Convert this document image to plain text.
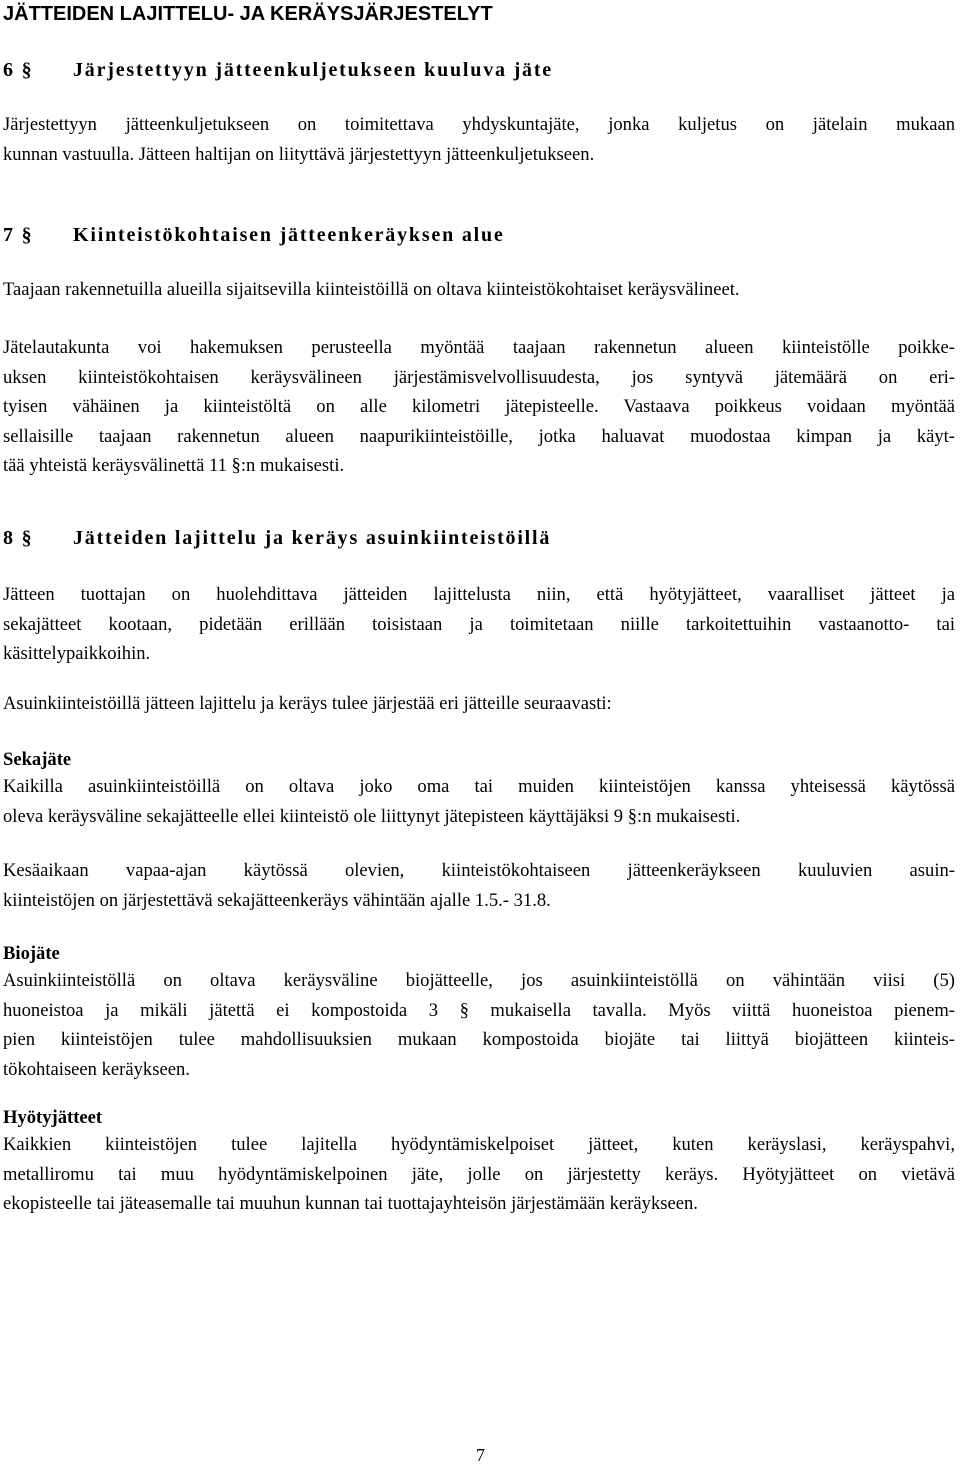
JÄTTEIDEN LAJITTELU- JA KERÄYSJÄRJESTELYT
6 § Järjestettyyn jätteenkuljetukseen kuuluva jäte
Järjestettyyn jätteenkuljetukseen on toimitettava yhdyskuntajäte, jonka kuljetus on jätelain mukaan
kunnan vastuulla. Jätteen haltijan on liityttävä järjestettyyn jätteenkuljetukseen.
7 § Kiinteistökohtaisen jätteenkeräyksen alue
Taajaan rakennetuilla alueilla sijaitsevilla kiinteistöillä on oltava kiinteistökohtaiset keräysvälineet.
Jätelautakunta voi hakemuksen perusteella myöntää taajaan rakennetun alueen kiinteistölle poikke-
uksen kiinteistökohtaisen keräysvälineen järjestämisvelvollisuudesta, jos syntyvä jätemäärä on eri-
tyisen vähäinen ja kiinteistöltä on alle kilometri jätepisteelle. Vastaava poikkeus voidaan myöntää
sellaisille taajaan rakennetun alueen naapurikiinteistöille, jotka haluavat muodostaa kimpan ja käyt-
tää yhteistä keräysvälinettä 11 §:n mukaisesti.
8 § Jätteiden lajittelu ja keräys asuinkiinteistöillä
Jätteen tuottajan on huolehdittava jätteiden lajittelusta niin, että hyötyjätteet, vaaralliset jätteet ja
sekajätteet kootaan, pidetään erillään toisistaan ja toimitetaan niille tarkoitettuihin vastaanotto- tai
käsittelypaikkoihin.
Asuinkiinteistöillä jätteen lajittelu ja keräys tulee järjestää eri jätteille seuraavasti:
Sekajäte
Kaikilla asuinkiinteistöillä on oltava joko oma tai muiden kiinteistöjen kanssa yhteisessä käytössä
oleva keräysväline sekajätteelle ellei kiinteistö ole liittynyt jätepisteen käyttäjäksi 9 §:n mukaisesti.
Kesäaikaan vapaa-ajan käytössä olevien, kiinteistökohtaiseen jätteenkeräykseen kuuluvien asuin-
kiinteistöjen on järjestettävä sekajätteenkeräys vähintään ajalle 1.5.- 31.8.
Biojäte
Asuinkiinteistöllä on oltava keräysväline biojätteelle, jos asuinkiinteistöllä on vähintään viisi (5)
huoneistoa ja mikäli jätettä ei kompostoida 3 § mukaisella tavalla. Myös viittä huoneistoa pienem-
pien kiinteistöjen tulee mahdollisuuksien mukaan kompostoida biojäte tai liittyä biojätteen kiinteis-
tökohtaiseen keräykseen.
Hyötyjätteet
Kaikkien kiinteistöjen tulee lajitella hyödyntämiskelpoiset jätteet, kuten keräyslasi, keräyspahvi,
metalliromu tai muu hyödyntämiskelpoinen jäte, jolle on järjestetty keräys. Hyötyjätteet on vietävä
ekopisteelle tai jäteasemalle tai muuhun kunnan tai tuottajayhteisön järjestämään keräykseen.
7
